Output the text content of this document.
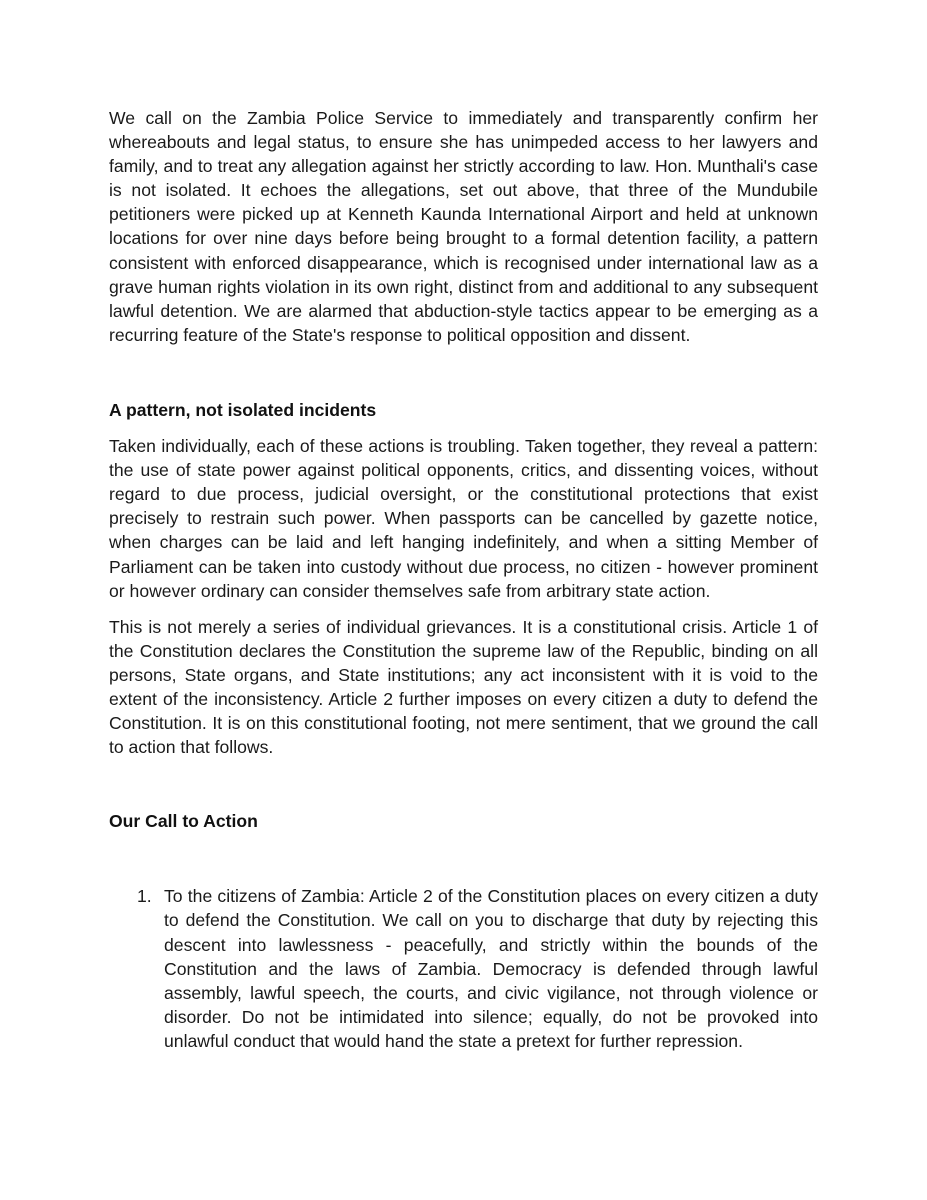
We call on the Zambia Police Service to immediately and transparently confirm her whereabouts and legal status, to ensure she has unimpeded access to her lawyers and family, and to treat any allegation against her strictly according to law. Hon. Munthali's case is not isolated. It echoes the allegations, set out above, that three of the Mundubile petitioners were picked up at Kenneth Kaunda International Airport and held at unknown locations for over nine days before being brought to a formal detention facility, a pattern consistent with enforced disappearance, which is recognised under international law as a grave human rights violation in its own right, distinct from and additional to any subsequent lawful detention. We are alarmed that abduction-style tactics appear to be emerging as a recurring feature of the State's response to political opposition and dissent.

A pattern, not isolated incidents

Taken individually, each of these actions is troubling. Taken together, they reveal a pattern: the use of state power against political opponents, critics, and dissenting voices, without regard to due process, judicial oversight, or the constitutional protections that exist precisely to restrain such power. When passports can be cancelled by gazette notice, when charges can be laid and left hanging indefinitely, and when a sitting Member of Parliament can be taken into custody without due process, no citizen - however prominent or however ordinary can consider themselves safe from arbitrary state action.

This is not merely a series of individual grievances. It is a constitutional crisis. Article 1 of the Constitution declares the Constitution the supreme law of the Republic, binding on all persons, State organs, and State institutions; any act inconsistent with it is void to the extent of the inconsistency. Article 2 further imposes on every citizen a duty to defend the Constitution. It is on this constitutional footing, not mere sentiment, that we ground the call to action that follows.

Our Call to Action
1. To the citizens of Zambia: Article 2 of the Constitution places on every citizen a duty to defend the Constitution. We call on you to discharge that duty by rejecting this descent into lawlessness - peacefully, and strictly within the bounds of the Constitution and the laws of Zambia. Democracy is defended through lawful assembly, lawful speech, the courts, and civic vigilance, not through violence or disorder. Do not be intimidated into silence; equally, do not be provoked into unlawful conduct that would hand the state a pretext for further repression.
